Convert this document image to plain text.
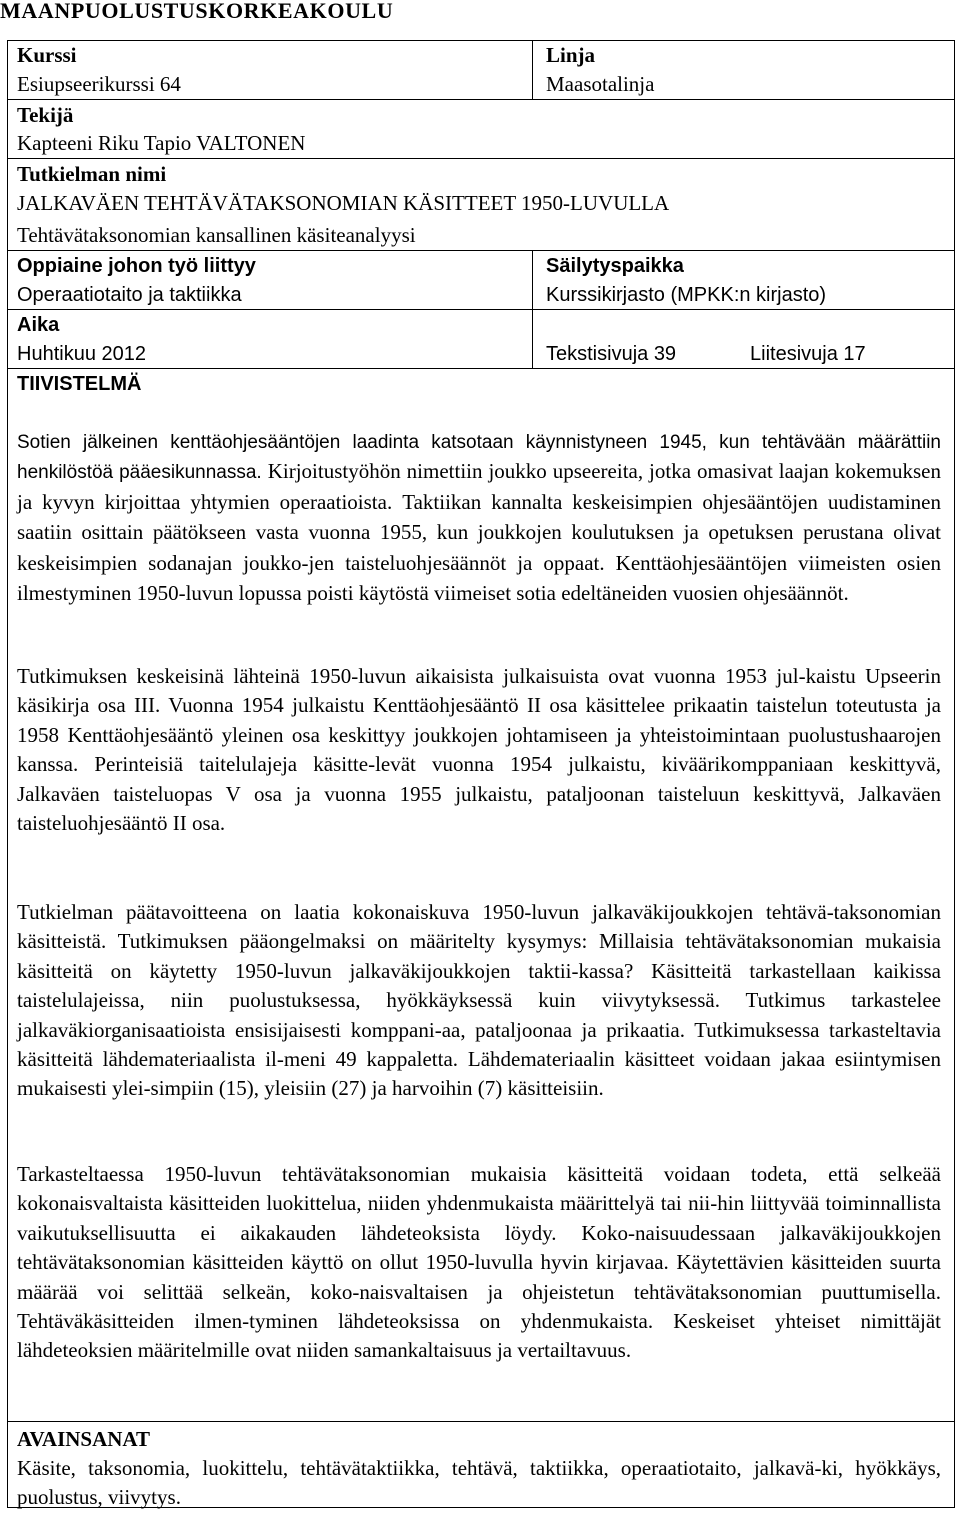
MAANPUOLUSTUSKORKEAKOULU
Kurssi
Esiupseerikurssi 64
Linja
Maasotalinja
Tekijä
Kapteeni Riku Tapio VALTONEN
Tutkielman nimi
JALKAVÄEN TEHTÄVÄTAKSONOMIAN KÄSITTEET 1950-LUVULLA
Tehtävätaksonomian kansallinen käsiteanalyysi
Oppiaine johon työ liittyy
Operaatiotaito ja taktiikka
Säilytyspaikka
Kurssikirjasto (MPKK:n kirjasto)
Aika
Huhtikuu 2012	Tekstisivuja 39	Liitesivuja 17
TIIVISTELMÄ
Sotien jälkeinen kenttäohjesääntöjen laadinta katsotaan käynnistyneen 1945, kun tehtävään määrättiin henkilöstöä pääesikunnassa. Kirjoitustyöhön nimettiin joukko upseereita, jotka omasivat laajan kokemuksen ja kyvyn kirjoittaa yhtymien operaatioista. Taktiikan kannalta keskeisimpien ohjesääntöjen uudistaminen saatiin osittain päätökseen vasta vuonna 1955, kun joukkojen koulutuksen ja opetuksen perustana olivat keskeisimpien sodanajan joukko-jen taisteluohjesäännöt ja oppaat. Kenttäohjesääntöjen viimeisten osien ilmestyminen 1950-luvun lopussa poisti käytöstä viimeiset sotia edeltäneiden vuosien ohjesäännöt.
Tutkimuksen keskeisinä lähteinä 1950-luvun aikaisista julkaisuista ovat vuonna 1953 jul-kaistu Upseerin käsikirja osa III. Vuonna 1954 julkaistu Kenttäohjesääntö II osa käsittelee prikaatin taistelun toteutusta ja 1958 Kenttäohjesääntö yleinen osa keskittyy joukkojen johtamiseen ja yhteistoimintaan puolustushaarojen kanssa. Perinteisiä taitelulajeja käsitte-levät vuonna 1954 julkaistu, kiväärikomppaniaan keskittyvä, Jalkaväen taisteluopas V osa ja vuonna 1955 julkaistu, pataljoonan taisteluun keskittyvä, Jalkaväen taisteluohjesääntö II osa.
Tutkielman päätavoitteena on laatia kokonaiskuva 1950-luvun jalkaväkijoukkojen tehtävä-taksonomian käsitteistä. Tutkimuksen pääongelmaksi on määritelty kysymys: Millaisia tehtävätaksonomian mukaisia käsitteitä on käytetty 1950-luvun jalkaväkijoukkojen taktii-kassa? Käsitteitä tarkastellaan kaikissa taistelulajeissa, niin puolustuksessa, hyökkäyksessä kuin viivytyksessä. Tutkimus tarkastelee jalkaväkiorganisaatioista ensisijaisesti komppani-aa, pataljoonaa ja prikaatia. Tutkimuksessa tarkasteltavia käsitteitä lähdemateriaalista il-meni 49 kappaletta. Lähdemateriaalin käsitteet voidaan jakaa esiintymisen mukaisesti ylei-simpiin (15), yleisiin (27) ja harvoihin (7) käsitteisiin.
Tarkasteltaessa 1950-luvun tehtävätaksonomian mukaisia käsitteitä voidaan todeta, että selkeää kokonaisvaltaista käsitteiden luokittelua, niiden yhdenmukaista määrittelyä tai nii-hin liittyvää toiminnallista vaikutuksellisuutta ei aikakauden lähdeteoksista löydy. Koko-naisuudessaan jalkaväkijoukkojen tehtävätaksonomian käsitteiden käyttö on ollut 1950-luvulla hyvin kirjavaa. Käytettävien käsitteiden suurta määrää voi selittää selkeän, koko-naisvaltaisen ja ohjeistetun tehtävätaksonomian puuttumisella. Tehtäväkäsitteiden ilmen-tyminen lähdeteoksissa on yhdenmukaista. Keskeiset yhteiset nimittäjät lähdeteoksien määritelmille ovat niiden samankaltaisuus ja vertailtavuus.
AVAINSANAT
Käsite, taksonomia, luokittelu, tehtävätaktiikka, tehtävä, taktiikka, operaatiotaito, jalkavä-ki, hyökkäys, puolustus, viivytys.
